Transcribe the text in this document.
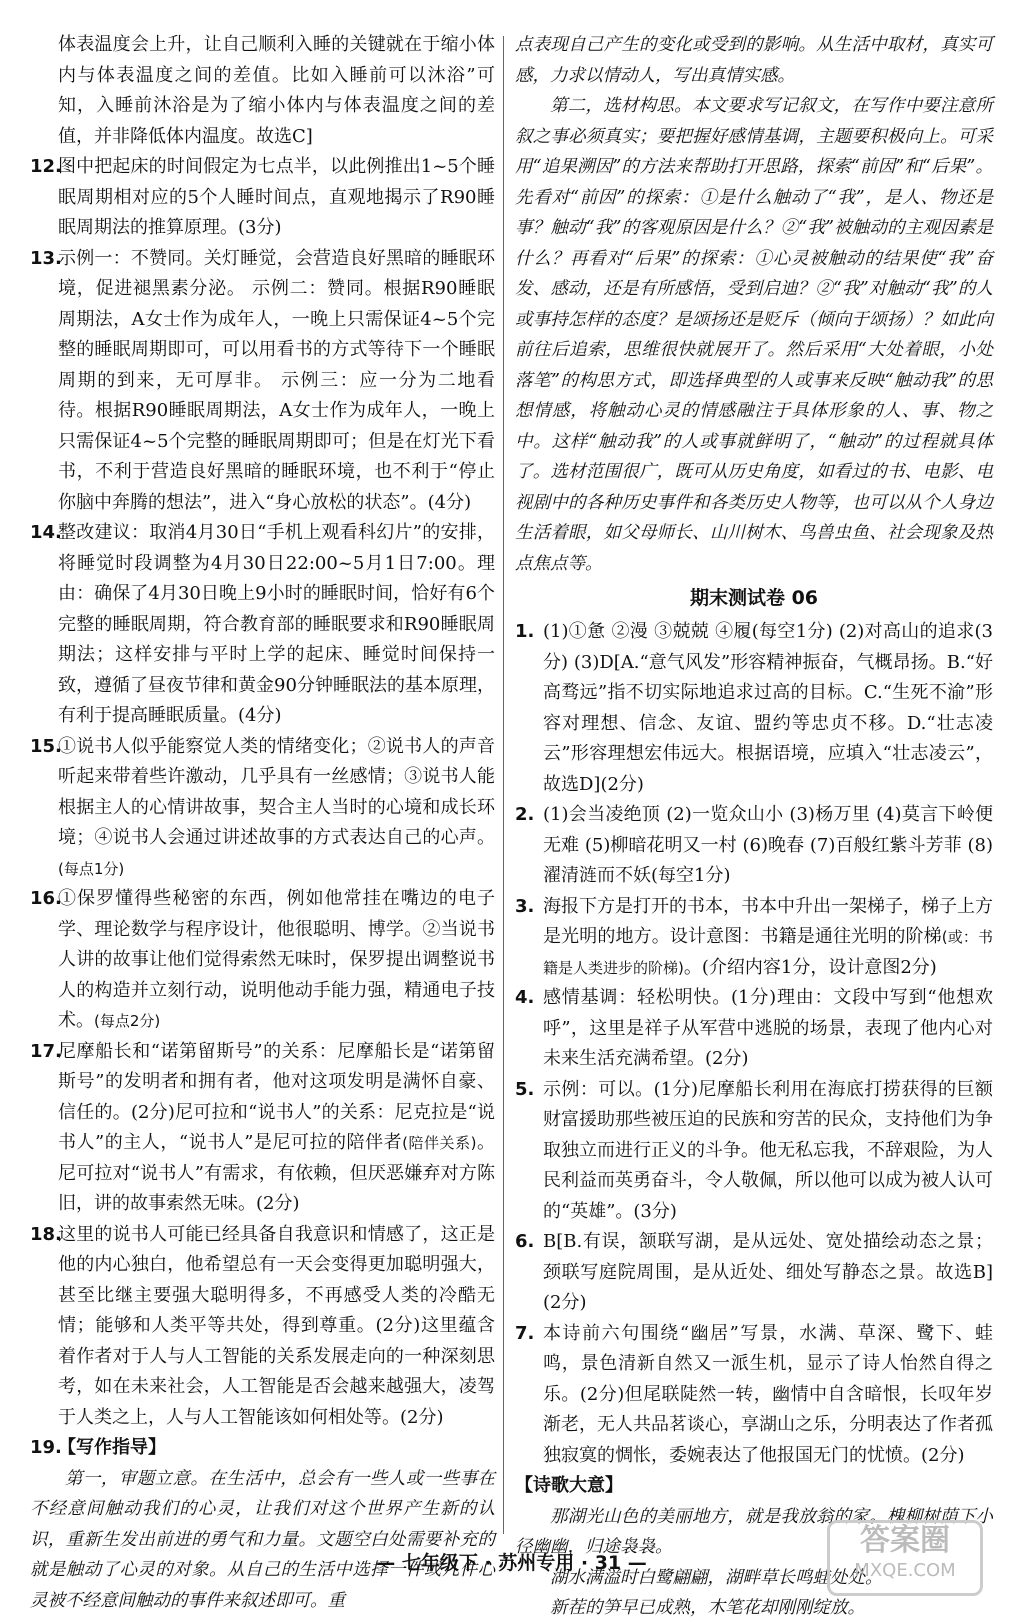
体表温度会上升，让自己顺利入睡的关键就在于缩小体内与体表温度之间的差值。比如入睡前可以沐浴”可知，入睡前沐浴是为了缩小体内与体表温度之间的差值，并非降低体内温度。故选C]

12.

图中把起床的时间假定为七点半，以此例推出1~5个睡眠周期相对应的5个人睡时间点，直观地揭示了R90睡眠周期法的推算原理。(3分)

13.

示例一：不赞同。关灯睡觉，会营造良好黑暗的睡眠环境，促进褪黑素分泌。 示例二：赞同。根据R90睡眠周期法，A女士作为成年人，一晚上只需保证4~5个完整的睡眠周期即可，可以用看书的方式等待下一个睡眠周期的到来，无可厚非。 示例三：应一分为二地看待。根据R90睡眠周期法，A女士作为成年人，一晚上只需保证4~5个完整的睡眠周期即可；但是在灯光下看书，不利于营造良好黑暗的睡眠环境，也不利于“停止你脑中奔腾的想法”，进入“身心放松的状态”。(4分)

14.

整改建议：取消4月30日“手机上观看科幻片”的安排，将睡觉时段调整为4月30日22:00~5月1日7:00。理由：确保了4月30日晚上9小时的睡眠时间，恰好有6个完整的睡眠周期，符合教育部的睡眠要求和R90睡眠周期法；这样安排与平时上学的起床、睡觉时间保持一致，遵循了昼夜节律和黄金90分钟睡眠法的基本原理，有利于提高睡眠质量。(4分)

15.

①说书人似乎能察觉人类的情绪变化；②说书人的声音听起来带着些许激动，几乎具有一丝感情；③说书人能根据主人的心情讲故事，契合主人当时的心境和成长环境；④说书人会通过讲述故事的方式表达自己的心声。(每点1分)

16.

①保罗懂得些秘密的东西，例如他常挂在嘴边的电子学、理论数学与程序设计，他很聪明、博学。②当说书人讲的故事让他们觉得索然无味时，保罗提出调整说书人的构造并立刻行动，说明他动手能力强，精通电子技术。(每点2分)

17.

尼摩船长和“诺第留斯号”的关系：尼摩船长是“诺第留斯号”的发明者和拥有者，他对这项发明是满怀自豪、信任的。(2分)尼可拉和“说书人”的关系：尼克拉是“说书人”的主人，“说书人”是尼可拉的陪伴者(陪伴关系)。尼可拉对“说书人”有需求，有依赖，但厌恶嫌弃对方陈旧，讲的故事索然无味。(2分)

18.

这里的说书人可能已经具备自我意识和情感了，这正是他的内心独白，他希望总有一天会变得更加聪明强大，甚至比继主要强大聪明得多，不再感受人类的冷酷无情；能够和人类平等共处，得到尊重。(2分)这里蕴含着作者对于人与人工智能的关系发展走向的一种深刻思考，如在未来社会，人工智能是否会越来越强大，凌驾于人类之上，人与人工智能该如何相处等。(2分)

19.
【写作指导】

第一，审题立意。在生活中，总会有一些人或一些事在不经意间触动我们的心灵，让我们对这个世界产生新的认识，重新生发出前进的勇气和力量。文题空白处需要补充的就是触动了心灵的对象。从自己的生活中选择一件或几件心灵被不经意间触动的事件来叙述即可。重

点表现自己产生的变化或受到的影响。从生活中取材，真实可感，力求以情动人，写出真情实感。

第二，选材构思。本文要求写记叙文，在写作中要注意所叙之事必须真实；要把握好感情基调，主题要积极向上。可采用“追果溯因”的方法来帮助打开思路，探索“前因”和“后果”。先看对“前因”的探索：①是什么触动了“我”，是人、物还是事？触动“我”的客观原因是什么？②“我”被触动的主观因素是什么？再看对“后果”的探索：①心灵被触动的结果使“我”奋发、感动，还是有所感悟，受到启迪？②“我”对触动“我”的人或事持怎样的态度？是颂扬还是贬斥（倾向于颂扬）？如此向前往后追索，思维很快就展开了。然后采用“大处着眼，小处落笔”的构思方式，即选择典型的人或事来反映“触动我”的思想情感，将触动心灵的情感融注于具体形象的人、事、物之中。这样“触动我”的人或事就鲜明了，“触动”的过程就具体了。选材范围很广，既可从历史角度，如看过的书、电影、电视剧中的各种历史事件和各类历史人物等，也可以从个人身边生活着眼，如父母师长、山川树木、鸟兽虫鱼、社会现象及热点焦点等。

期末测试卷 06
1. (1)①惫 ②漫 ③兢兢 ④履(每空1分) (2)对高山的追求(3分) (3)D[A.“意气风发”形容精神振奋，气概昂扬。B.“好高骛远”指不切实际地追求过高的目标。C.“生死不渝”形容对理想、信念、友谊、盟约等忠贞不移。D.“壮志凌云”形容理想宏伟远大。根据语境，应填入“壮志凌云”，故选D](2分)

2. (1)会当凌绝顶 (2)一览众山小 (3)杨万里 (4)莫言下岭便无难 (5)柳暗花明又一村 (6)晚春 (7)百般红紫斗芳菲 (8)濯清涟而不妖(每空1分)

3. 海报下方是打开的书本，书本中升出一架梯子，梯子上方是光明的地方。设计意图：书籍是通往光明的阶梯(或：书籍是人类进步的阶梯)。(介绍内容1分，设计意图2分)

4. 感情基调：轻松明快。(1分)理由：文段中写到“他想欢呼”，这里是祥子从军营中逃脱的场景，表现了他内心对未来生活充满希望。(2分)

5. 示例：可以。(1分)尼摩船长利用在海底打捞获得的巨额财富援助那些被压迫的民族和穷苦的民众，支持他们为争取独立而进行正义的斗争。他无私忘我，不辞艰险，为人民利益而英勇奋斗，令人敬佩，所以他可以成为被人认可的“英雄”。(3分)

6. B[B.有误，颔联写湖，是从远处、宽处描绘动态之景；颈联写庭院周围，是从近处、细处写静态之景。故选B](2分)

7. 本诗前六句围绕“幽居”写景，水满、草深、鹭下、蛙鸣，景色清新自然又一派生机，显示了诗人怡然自得之乐。(2分)但尾联陡然一转，幽情中自含暗恨，长叹年岁渐老，无人共品茗谈心，享湖山之乐，分明表达了作者孤独寂寞的惆怅，委婉表达了他报国无门的忧愤。(2分)

【诗歌大意】

那湖光山色的美丽地方，就是我放翁的家。槐柳树荫下小径幽幽，归途袅袅。

湖水满溢时白鹭翩翩，湖畔草长鸣蛙处处。

新茬的笋早已成熟，木笔花却刚刚绽放。

— 七年级下 · 苏州专用 · 31 —
答案圈
MXQE.COM
